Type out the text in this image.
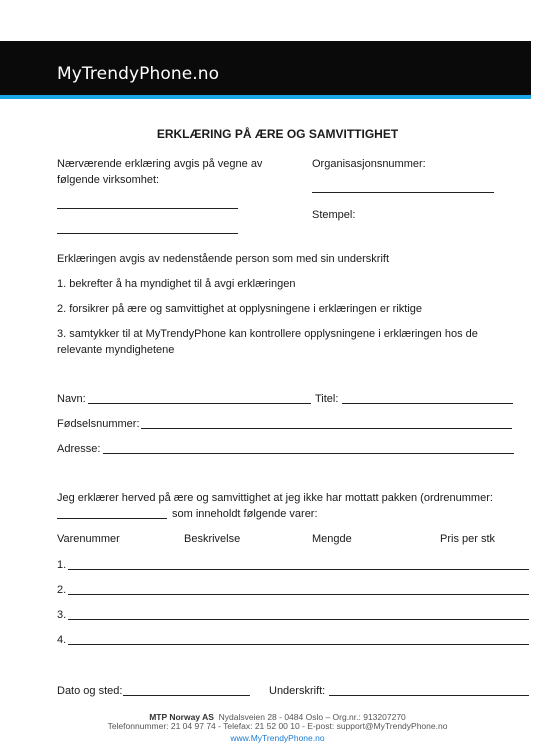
MyTrendyPhone.no
ERKLÆRING PÅ ÆRE OG SAMVITTIGHET
Nærværende erklæring avgis på vegne av
følgende virksomhet:
Organisasjonsnummer:
Stempel:
Erklæringen avgis av nedenstående person som med sin underskrift
1. bekrefter å ha myndighet til å avgi erklæringen
2. forsikrer på ære og samvittighet at opplysningene i erklæringen er riktige
3. samtykker til at MyTrendyPhone kan kontrollere opplysningene i erklæringen hos de
relevante myndighetene
Navn:	Titel:
Fødselsnummer:
Adresse:
Jeg erklærer herved på ære og samvittighet at jeg ikke har mottatt pakken (ordrenummer:
som inneholdt følgende varer:
Varenummer	Beskrivelse	Mengde	Pris per stk
1.
2.
3.
4.
Dato og sted:	Underskrift:
MTP Norway AS Nydalsveien 28 - 0484 Oslo – Org.nr.: 913207270
Telefonnummer: 21 04 97 74 - Telefax: 21 52 00 10 - E-post: support@MyTrendyPhone.no
www.MyTrendyPhone.no
